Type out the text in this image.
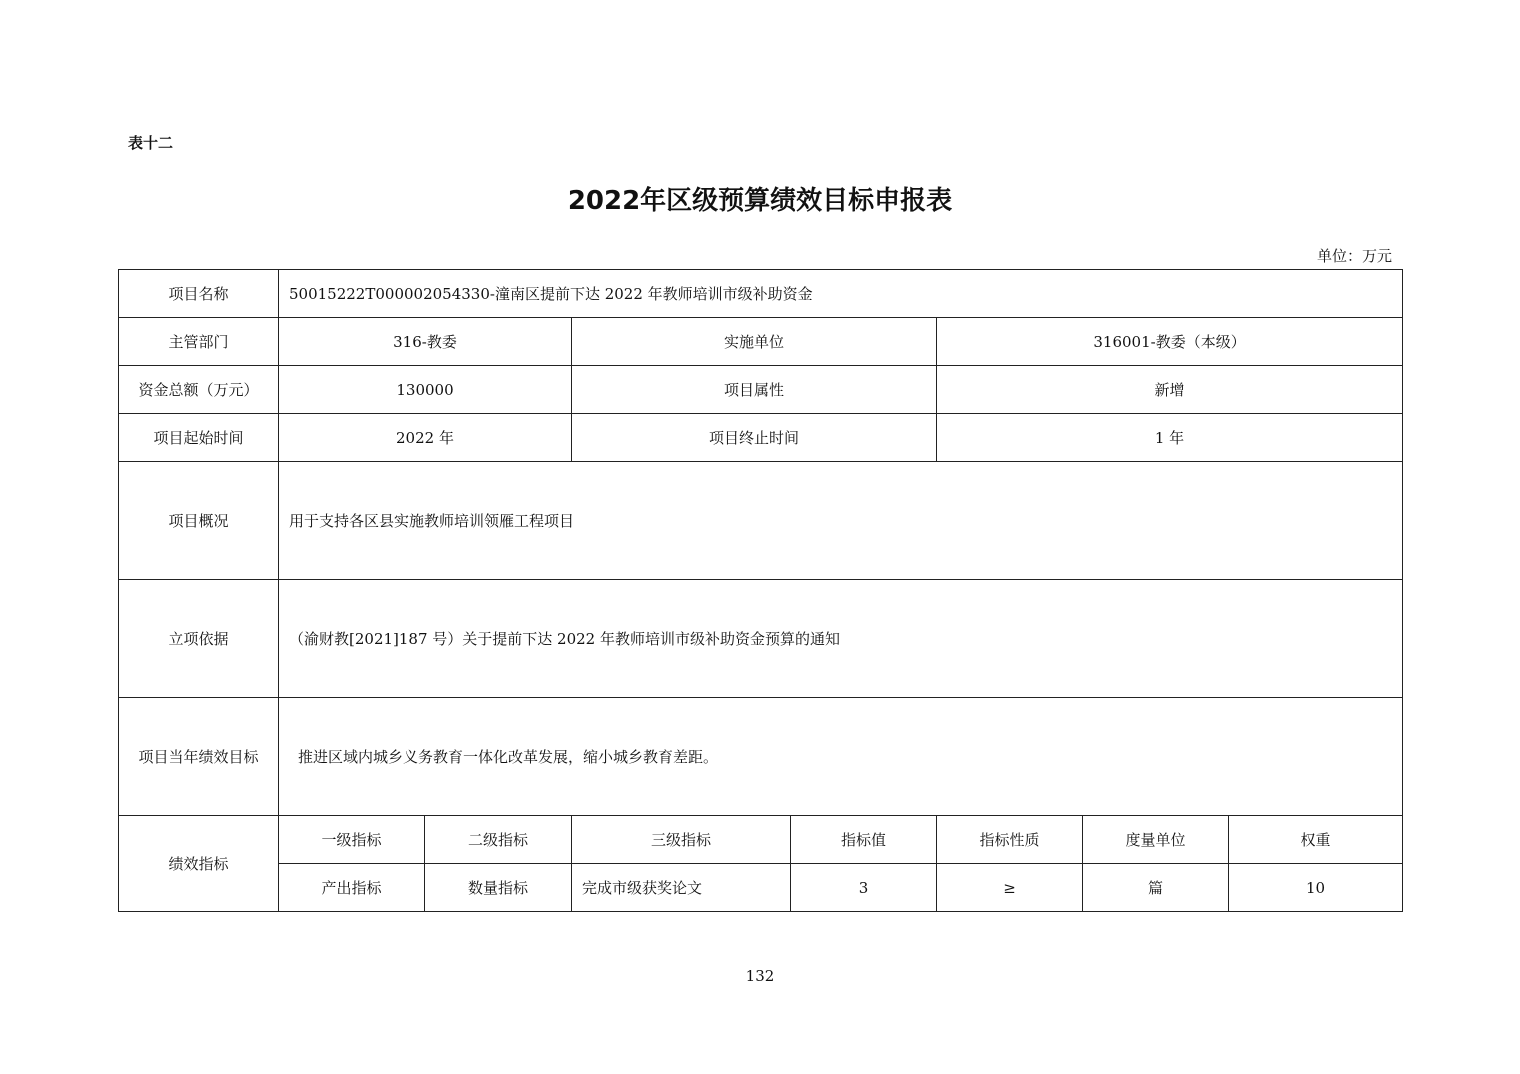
表十二
2022年区级预算绩效目标申报表
单位：万元
项目名称	50015222T000002054330-潼南区提前下达 2022 年教师培训市级补助资金						
主管部门	316-教委		实施单位		316001-教委（本级）		
资金总额（万元）	130000		项目属性		新增		
项目起始时间	2022 年		项目终止时间		1 年		
项目概况	用于支持各区县实施教师培训领雁工程项目						
立项依据	（渝财教[2021]187 号）关于提前下达 2022 年教师培训市级补助资金预算的通知						
项目当年绩效目标	推进区域内城乡义务教育一体化改革发展，缩小城乡教育差距。						
绩效指标	一级指标	二级指标	三级指标	指标值	指标性质	度量单位	权重
	产出指标	数量指标	完成市级获奖论文	3	≥	篇	10
132
